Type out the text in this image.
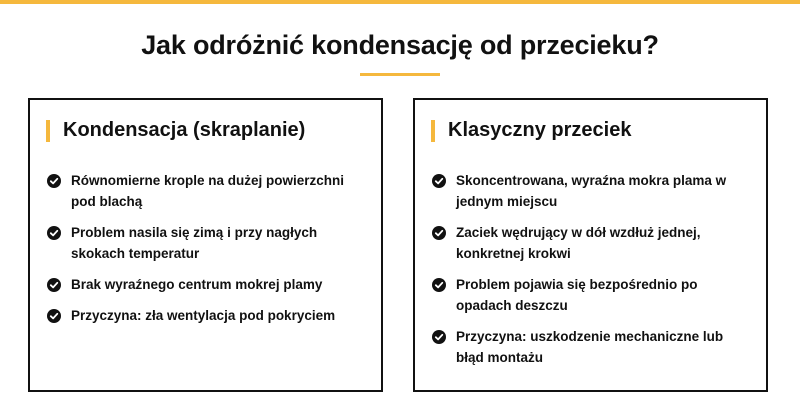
Jak odróżnić kondensację od przecieku?
Kondensacja (skraplanie)
Równomierne krople na dużej powierzchni pod blachą
Problem nasila się zimą i przy nagłych skokach temperatur
Brak wyraźnego centrum mokrej plamy
Przyczyna: zła wentylacja pod pokryciem
Klasyczny przeciek
Skoncentrowana, wyraźna mokra plama w jednym miejscu
Zaciek wędrujący w dół wzdłuż jednej, konkretnej krokwi
Problem pojawia się bezpośrednio po opadach deszczu
Przyczyna: uszkodzenie mechaniczne lub błąd montażu
